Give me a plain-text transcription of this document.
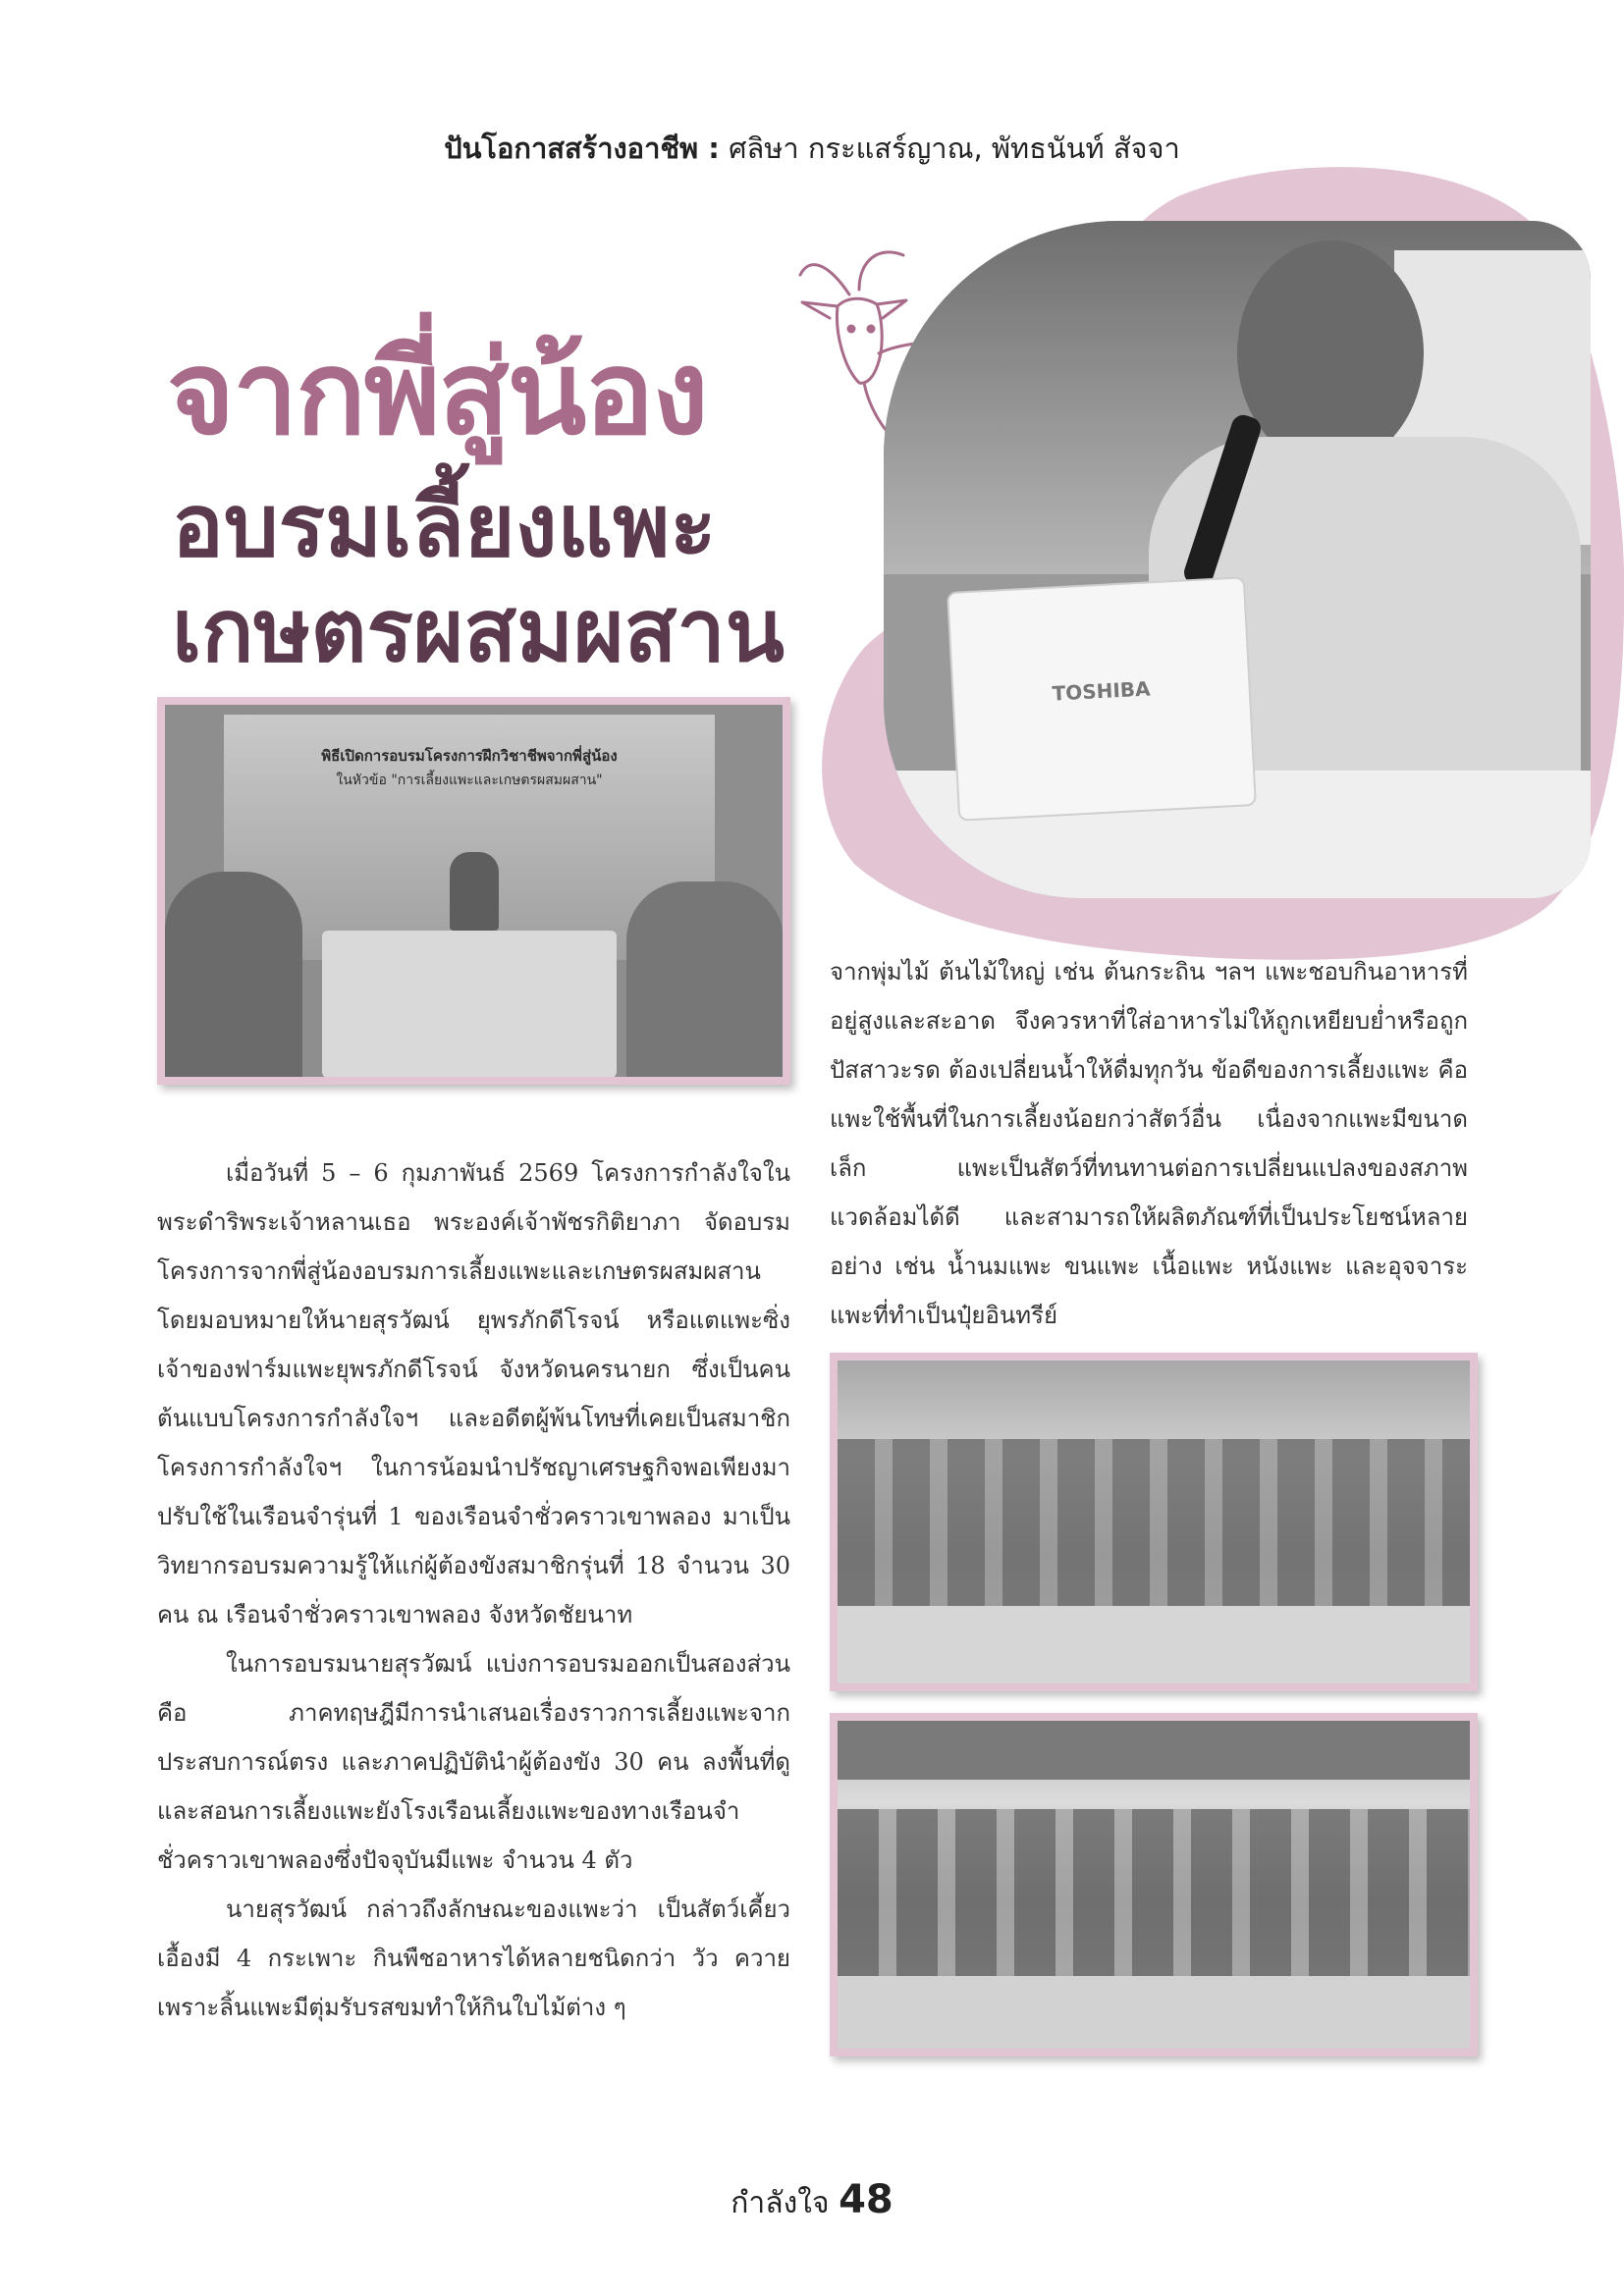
ปันโอกาสสร้างอาชีพ : ศลิษา กระแสร์ญาณ, พัทธนันท์ สัจจา
TOSHIBA
จากพี่สู่น้อง
อบรมเลี้ยงแพะ
เกษตรผสมผสาน
พิธีเปิดการอบรมโครงการฝึกวิชาชีพจากพี่สู่น้อง
ในหัวข้อ "การเลี้ยงแพะและเกษตรผสมผสาน"

เมื่อวันที่ 5 – 6 กุมภาพันธ์ 2569 โครงการกำลังใจในพระดำริพระเจ้าหลานเธอ พระองค์เจ้าพัชรกิติยาภา จัดอบรมโครงการจากพี่สู่น้องอบรมการเลี้ยงแพะและเกษตรผสมผสาน โดยมอบหมายให้นายสุรวัฒน์ ยุพรภักดีโรจน์ หรือแตแพะซิ่ง เจ้าของฟาร์มแพะยุพรภักดีโรจน์ จังหวัดนครนายก ซึ่งเป็นคนต้นแบบโครงการกำลังใจฯ และอดีตผู้พ้นโทษที่เคยเป็นสมาชิกโครงการกำลังใจฯ ในการน้อมนำปรัชญาเศรษฐกิจพอเพียงมาปรับใช้ในเรือนจำรุ่นที่ 1 ของเรือนจำชั่วคราวเขาพลอง มาเป็นวิทยากรอบรมความรู้ให้แก่ผู้ต้องขังสมาชิกรุ่นที่ 18 จำนวน 30 คน ณ เรือนจำชั่วคราวเขาพลอง จังหวัดชัยนาท

ในการอบรมนายสุรวัฒน์ แบ่งการอบรมออกเป็นสองส่วน คือ ภาคทฤษฎีมีการนำเสนอเรื่องราวการเลี้ยงแพะจากประสบการณ์ตรง และภาคปฏิบัตินำผู้ต้องขัง 30 คน ลงพื้นที่ดูและสอนการเลี้ยงแพะยังโรงเรือนเลี้ยงแพะของทางเรือนจำชั่วคราวเขาพลองซึ่งปัจจุบันมีแพะ จำนวน 4 ตัว

นายสุรวัฒน์ กล่าวถึงลักษณะของแพะว่า เป็นสัตว์เคี้ยวเอื้องมี 4 กระเพาะ กินพืชอาหารได้หลายชนิดกว่า วัว ควาย เพราะลิ้นแพะมีตุ่มรับรสขมทำให้กินใบไม้ต่าง ๆ

จากพุ่มไม้ ต้นไม้ใหญ่ เช่น ต้นกระถิน ฯลฯ แพะชอบกินอาหารที่อยู่สูงและสะอาด จึงควรหาที่ใส่อาหารไม่ให้ถูกเหยียบย่ำหรือถูกปัสสาวะรด ต้องเปลี่ยนน้ำให้ดื่มทุกวัน ข้อดีของการเลี้ยงแพะ คือ แพะใช้พื้นที่ในการเลี้ยงน้อยกว่าสัตว์อื่น เนื่องจากแพะมีขนาดเล็ก แพะเป็นสัตว์ที่ทนทานต่อการเปลี่ยนแปลงของสภาพแวดล้อมได้ดี และสามารถให้ผลิตภัณฑ์ที่เป็นประโยชน์หลายอย่าง เช่น น้ำนมแพะ ขนแพะ เนื้อแพะ หนังแพะ และอุจจาระแพะที่ทำเป็นปุ๋ยอินทรีย์

กำลังใจ 48
